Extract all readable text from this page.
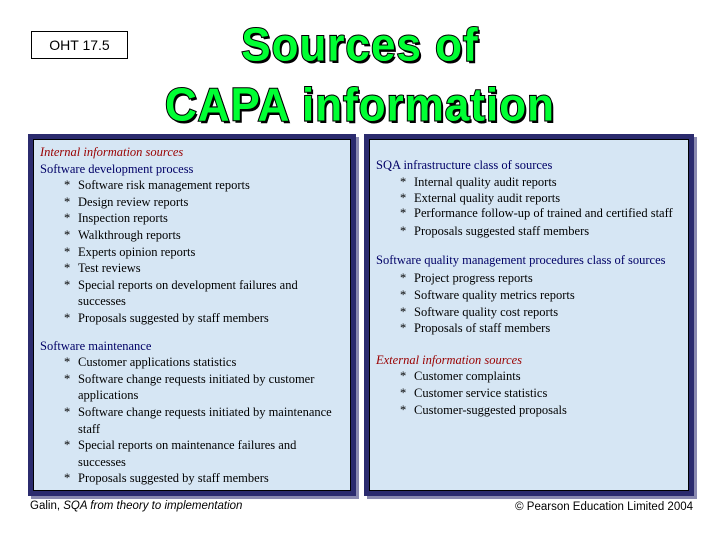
OHT 17.5	Sources of
CAPA information
Internal information sources
Software development process
* Software risk management reports
* Design review reports
* Inspection reports
* Walkthrough reports
* Experts opinion reports
* Test reviews
* Special reports on development failures and successes
* Proposals suggested by staff members
Software maintenance
* Customer applications statistics
* Software change requests initiated by customer applications
* Software change requests initiated by maintenance staff
* Special reports on maintenance failures and successes
* Proposals suggested by staff members
SQA infrastructure class of sources
* Internal quality audit reports
* External quality audit reports
* Performance follow-up of trained and certified staff
* Proposals suggested staff members
Software quality management procedures class of sources
* Project progress reports
* Software quality metrics reports
* Software quality cost reports
* Proposals of staff members
External information sources
* Customer complaints
* Customer service statistics
* Customer-suggested proposals
Galin, SQA from theory to implementation	© Pearson Education Limited 2004
